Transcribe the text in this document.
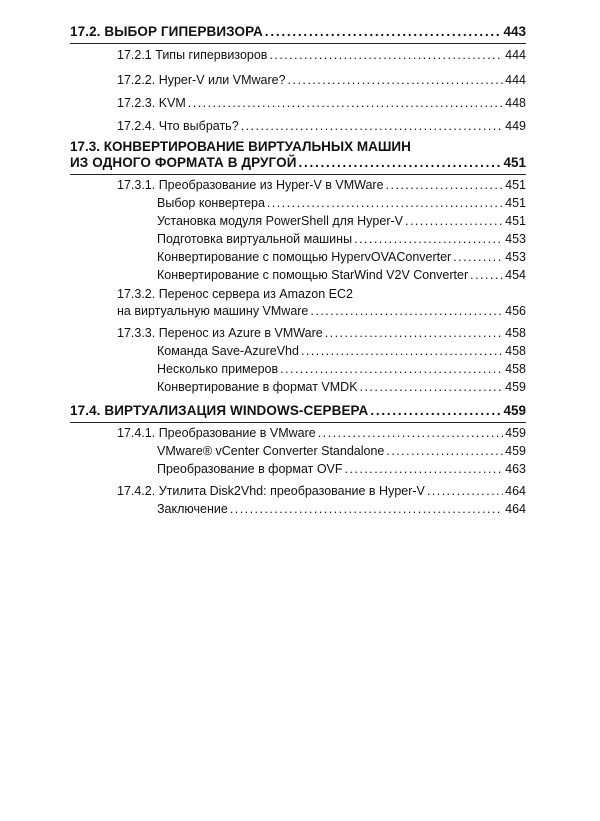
17.2. ВЫБОР ГИПЕРВИЗОРА . . .	443
17.2.1 Типы гипервизоров . . .	444
17.2.2. Hyper-V или VMware? . . .	444
17.2.3. KVM . . .	448
17.2.4. Что выбрать? . . .	449
17.3. КОНВЕРТИРОВАНИЕ ВИРТУАЛЬНЫХ МАШИН
ИЗ ОДНОГО ФОРМАТА В ДРУГОЙ . . .	451
17.3.1. Преобразование из Hyper-V в VMWare . . .	451
Выбор конвертера . . .	451
Установка модуля PowerShell для Hyper-V . . .	451
Подготовка виртуальной машины . . .	453
Конвертирование с помощью HypervOVAConverter . . .	453
Конвертирование с помощью StarWind V2V Converter . . .	454
17.3.2. Перенос сервера из Amazon EC2
на виртуальную машину VMware . . .	456
17.3.3. Перенос из Azure в VMWare . . .	458
Команда Save-AzureVhd . . .	458
Несколько примеров . . .	458
Конвертирование в формат VMDK . . .	459
17.4. ВИРТУАЛИЗАЦИЯ WINDOWS-СЕРВЕРА . . .	459
17.4.1. Преобразование в VMware . . .	459
VMware® vCenter Converter Standalone . . .	459
Преобразование в формат OVF . . .	463
17.4.2. Утилита Disk2Vhd: преобразование в Hyper-V . . .	464
Заключение . . .	464
